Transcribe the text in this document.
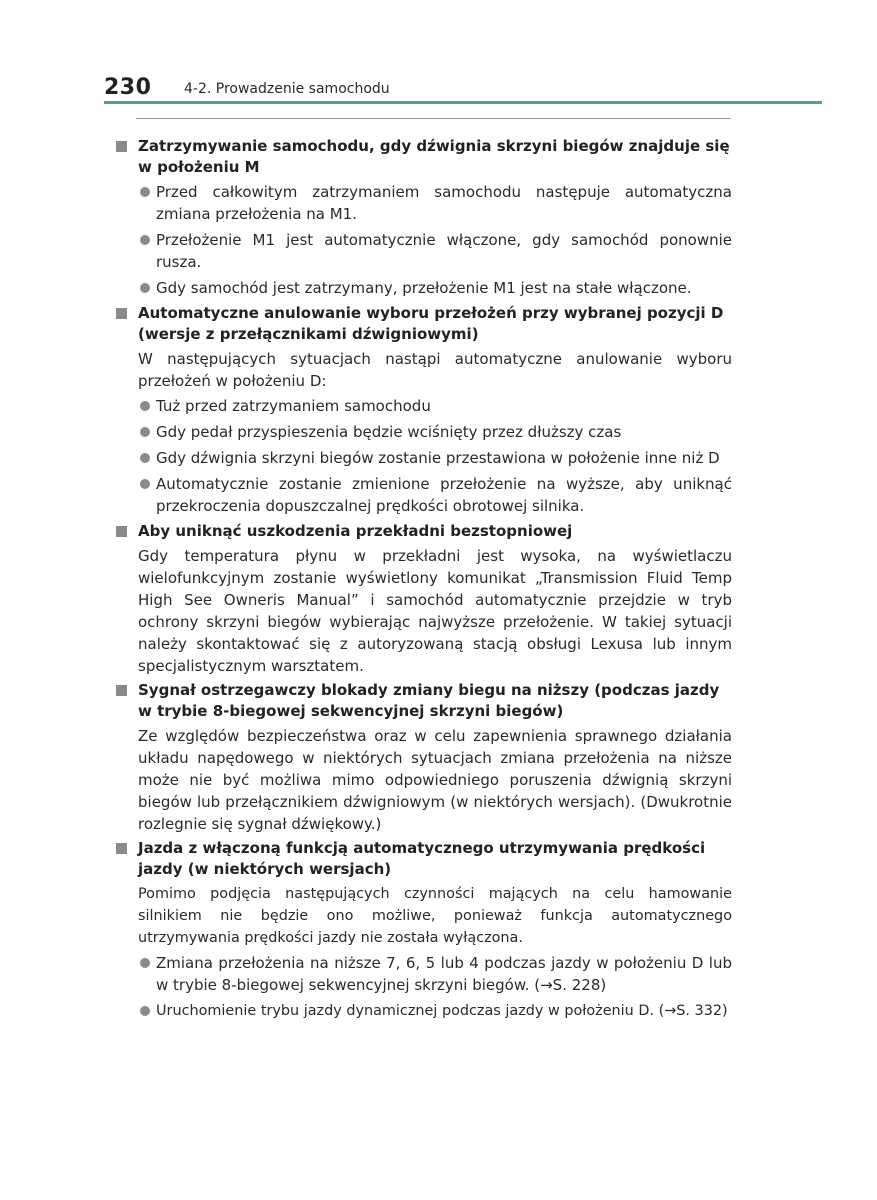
230 4-2. Prowadzenie samochodu
Zatrzymywanie samochodu, gdy dźwignia skrzyni biegów znajduje się w położeniu M
Przed całkowitym zatrzymaniem samochodu następuje automatyczna zmiana przełożenia na M1.
Przełożenie M1 jest automatycznie włączone, gdy samochód ponownie rusza.
Gdy samochód jest zatrzymany, przełożenie M1 jest na stałe włączone.
Automatyczne anulowanie wyboru przełożeń przy wybranej pozycji D (wersje z przełącznikami dźwigniowymi)
W następujących sytuacjach nastąpi automatyczne anulowanie wyboru przełożeń w położeniu D:
Tuż przed zatrzymaniem samochodu
Gdy pedał przyspieszenia będzie wciśnięty przez dłuższy czas
Gdy dźwignia skrzyni biegów zostanie przestawiona w położenie inne niż D
Automatycznie zostanie zmienione przełożenie na wyższe, aby uniknąć przekroczenia dopuszczalnej prędkości obrotowej silnika.
Aby uniknąć uszkodzenia przekładni bezstopniowej
Gdy temperatura płynu w przekładni jest wysoka, na wyświetlaczu wielofunkcyjnym zostanie wyświetlony komunikat „Transmission Fluid Temp High See Owneris Manual” i samochód automatycznie przejdzie w tryb ochrony skrzyni biegów wybierając najwyższe przełożenie. W takiej sytuacji należy skontaktować się z autoryzowaną stacją obsługi Lexusa lub innym specjalistycznym warsztatem.
Sygnał ostrzegawczy blokady zmiany biegu na niższy (podczas jazdy w trybie 8-biegowej sekwencyjnej skrzyni biegów)
Ze względów bezpieczeństwa oraz w celu zapewnienia sprawnego działania układu napędowego w niektórych sytuacjach zmiana przełożenia na niższe może nie być możliwa mimo odpowiedniego poruszenia dźwignią skrzyni biegów lub przełącznikiem dźwigniowym (w niektórych wersjach). (Dwukrotnie rozlegnie się sygnał dźwiękowy.)
Jazda z włączoną funkcją automatycznego utrzymywania prędkości jazdy (w niektórych wersjach)
Pomimo podjęcia następujących czynności mających na celu hamowanie silnikiem nie będzie ono możliwe, ponieważ funkcja automatycznego utrzymywania prędkości jazdy nie została wyłączona.
Zmiana przełożenia na niższe 7, 6, 5 lub 4 podczas jazdy w położeniu D lub w trybie 8-biegowej sekwencyjnej skrzyni biegów. (→S. 228)
Uruchomienie trybu jazdy dynamicznej podczas jazdy w położeniu D. (→S. 332)
